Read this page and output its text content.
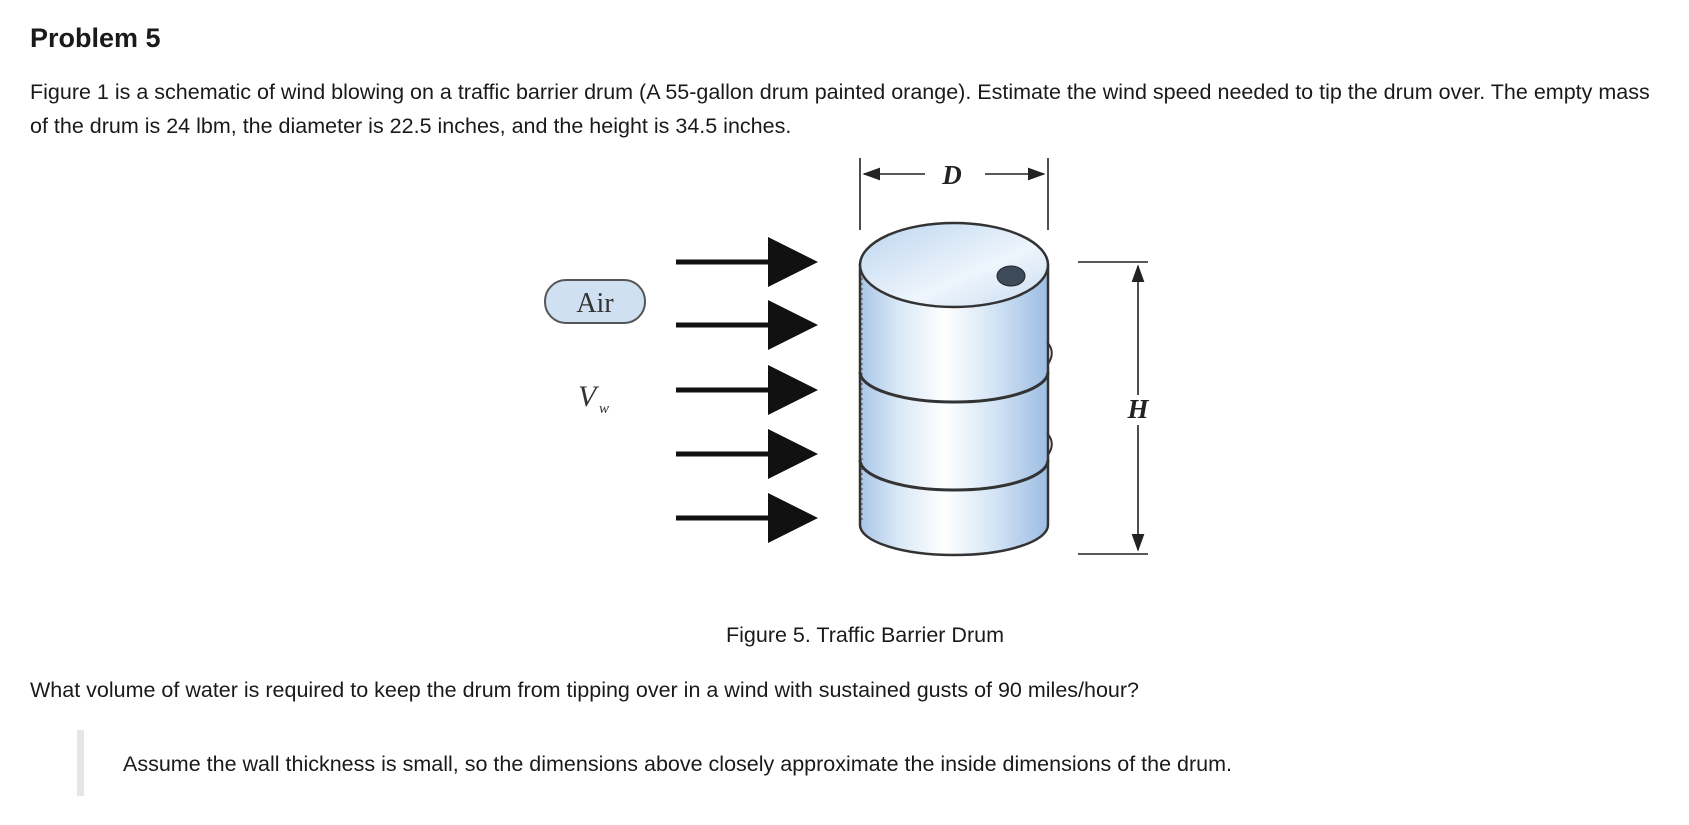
Problem 5

Figure 1 is a schematic of wind blowing on a traffic barrier drum (A 55-gallon drum painted orange). Estimate the wind speed needed to tip the drum over. The empty mass of the drum is 24 lbm, the diameter is 22.5 inches, and the height is 34.5 inches.

D
H
Air
V w

Figure 5. Traffic Barrier Drum

What volume of water is required to keep the drum from tipping over in a wind with sustained gusts of 90 miles/hour?

Assume the wall thickness is small, so the dimensions above closely approximate the inside dimensions of the drum.
